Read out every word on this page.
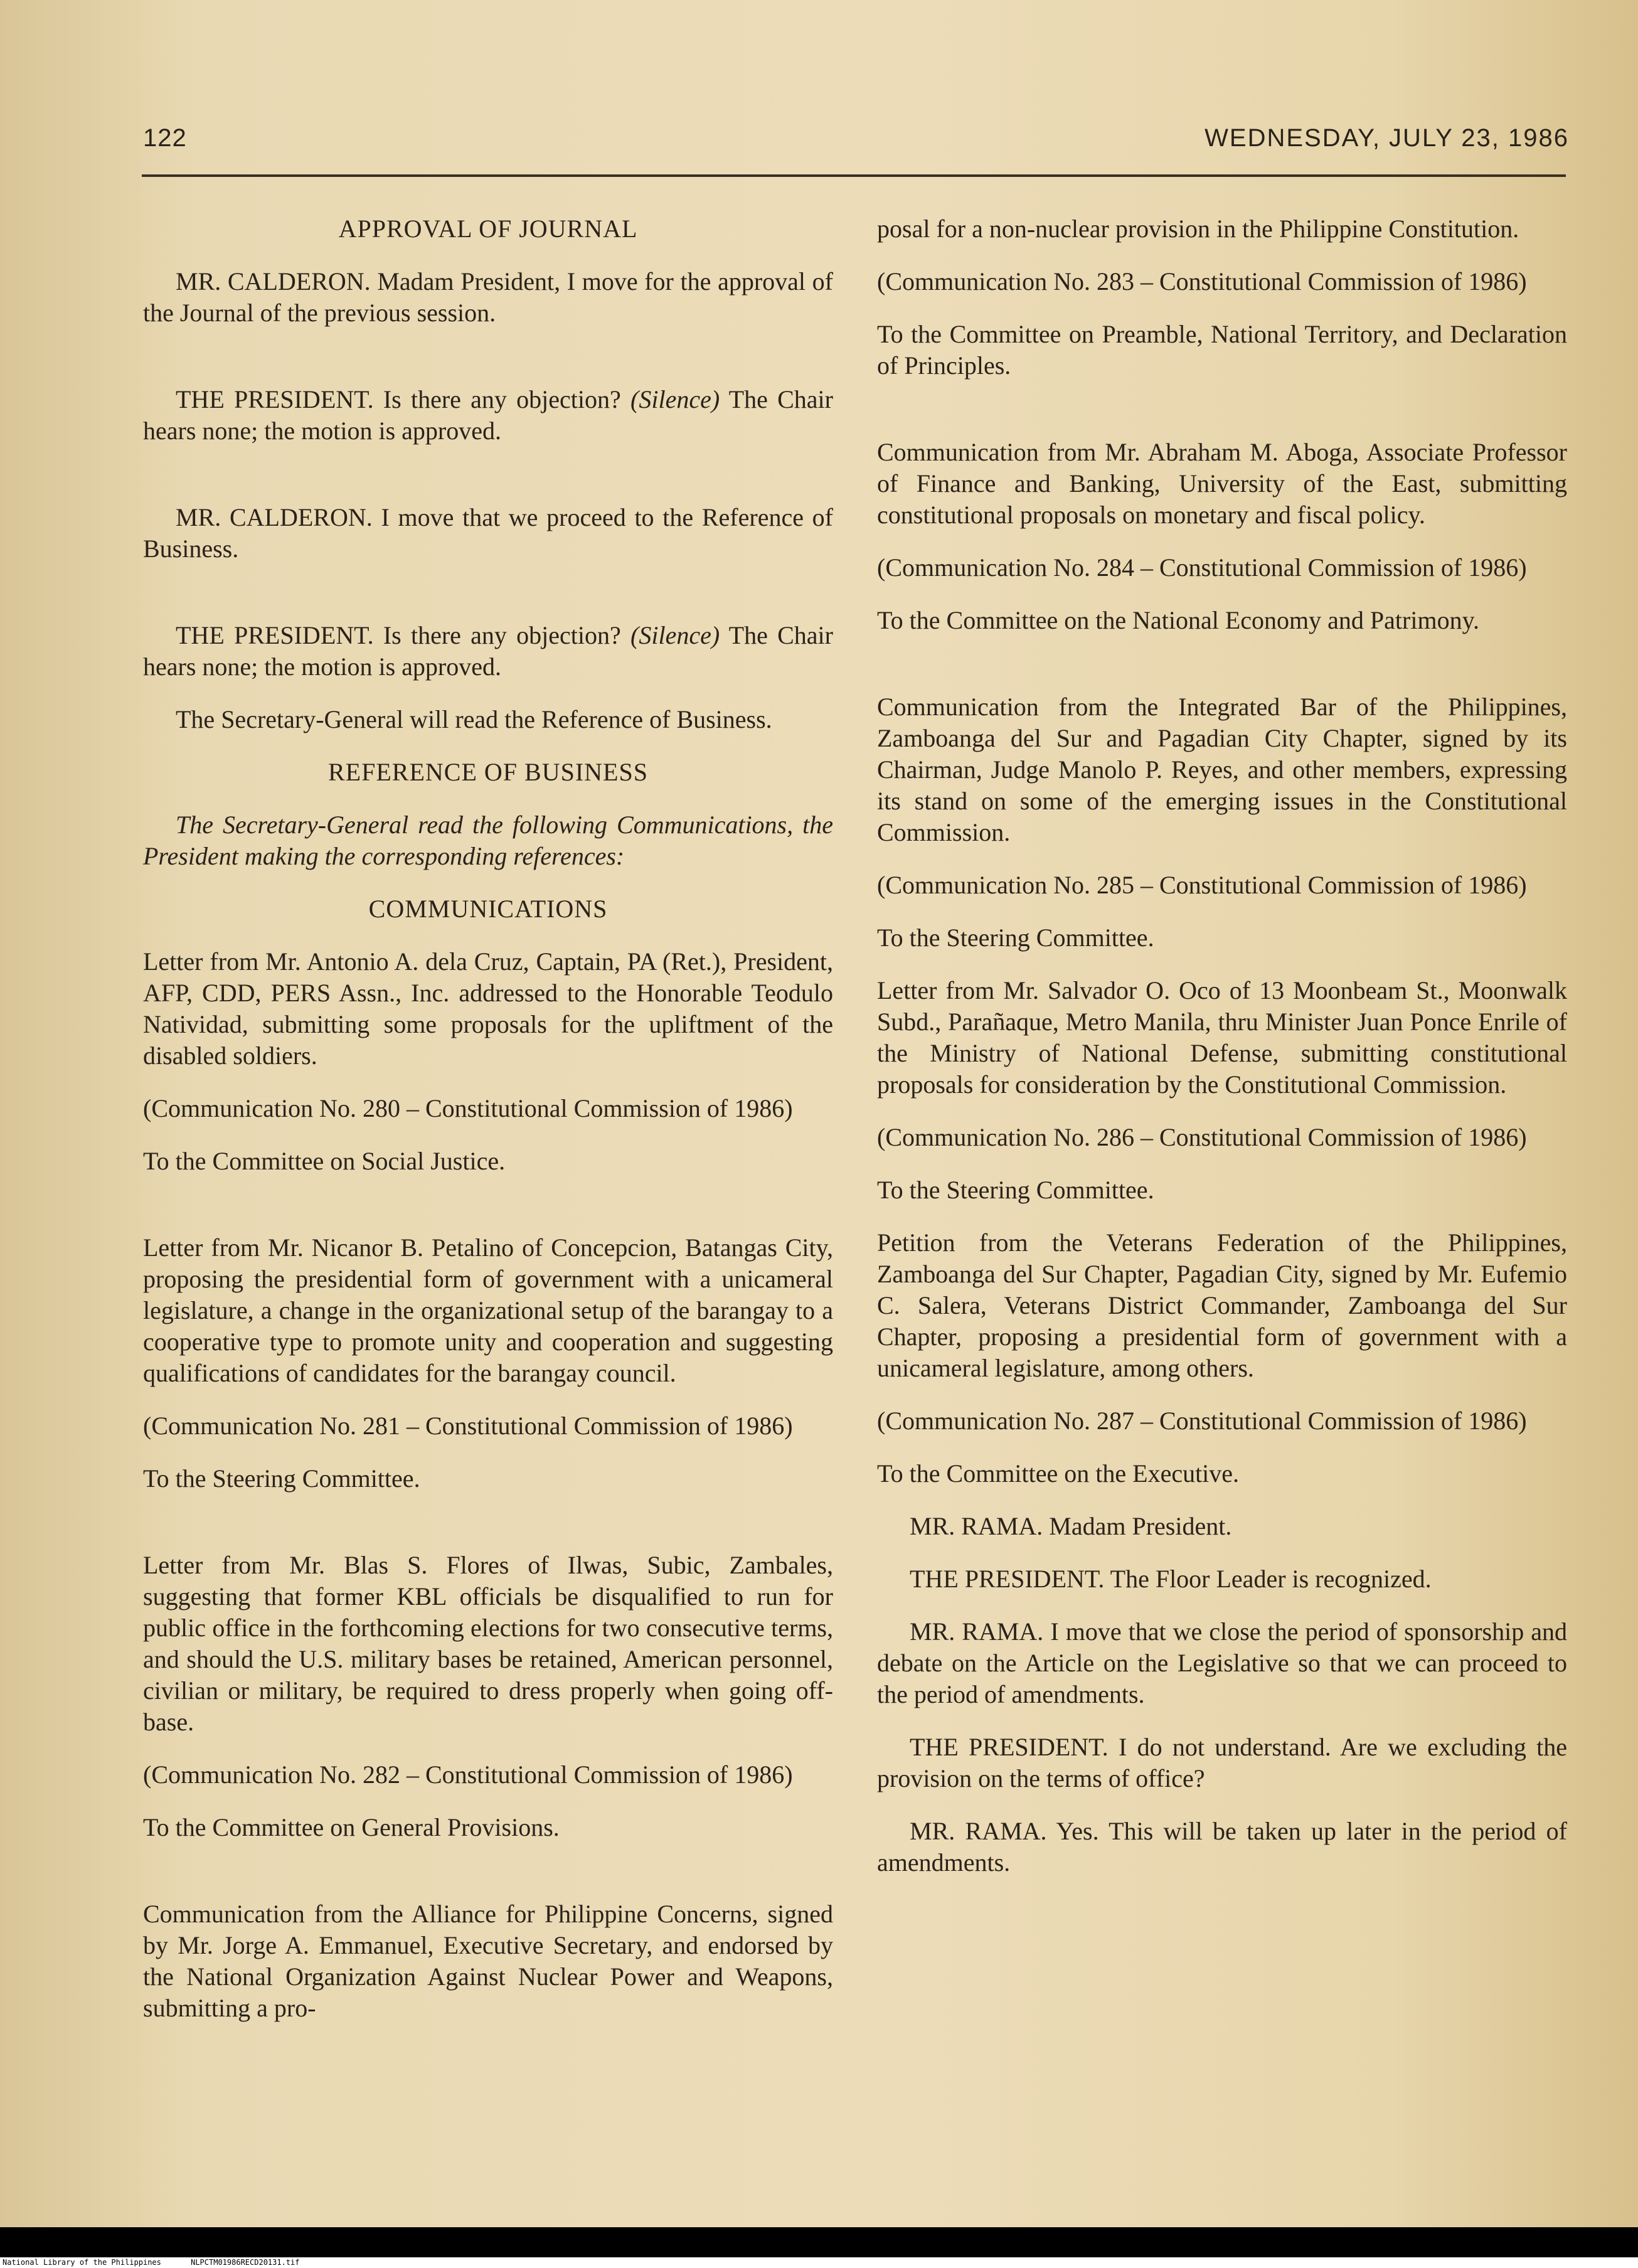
122	WEDNESDAY, JULY 23, 1986

APPROVAL OF JOURNAL

MR. CALDERON. Madam President, I move for the approval of the Journal of the previous session.

THE PRESIDENT. Is there any objection? (Silence) The Chair hears none; the motion is approved.

MR. CALDERON. I move that we proceed to the Reference of Business.

THE PRESIDENT. Is there any objection? (Silence) The Chair hears none; the motion is approved.

The Secretary-General will read the Reference of Business.

REFERENCE OF BUSINESS

The Secretary-General read the following Communications, the President making the corresponding references:

COMMUNICATIONS

Letter from Mr. Antonio A. dela Cruz, Captain, PA (Ret.), President, AFP, CDD, PERS Assn., Inc. addressed to the Honorable Teodulo Natividad, submitting some proposals for the upliftment of the disabled soldiers.

(Communication No. 280 – Constitutional Commission of 1986)

To the Committee on Social Justice.

Letter from Mr. Nicanor B. Petalino of Concepcion, Batangas City, proposing the presidential form of government with a unicameral legislature, a change in the organizational setup of the barangay to a cooperative type to promote unity and cooperation and suggesting qualifications of candidates for the barangay council.

(Communication No. 281 – Constitutional Commission of 1986)

To the Steering Committee.

Letter from Mr. Blas S. Flores of Ilwas, Subic, Zambales, suggesting that former KBL officials be disqualified to run for public office in the forthcoming elections for two consecutive terms, and should the U.S. military bases be retained, American personnel, civilian or military, be required to dress properly when going off-base.

(Communication No. 282 – Constitutional Commission of 1986)

To the Committee on General Provisions.

Communication from the Alliance for Philippine Concerns, signed by Mr. Jorge A. Emmanuel, Executive Secretary, and endorsed by the National Organization Against Nuclear Power and Weapons, submitting a pro-

posal for a non-nuclear provision in the Philippine Constitution.

(Communication No. 283 – Constitutional Commission of 1986)

To the Committee on Preamble, National Territory, and Declaration of Principles.

Communication from Mr. Abraham M. Aboga, Associate Professor of Finance and Banking, University of the East, submitting constitutional proposals on monetary and fiscal policy.

(Communication No. 284 – Constitutional Commission of 1986)

To the Committee on the National Economy and Patrimony.

Communication from the Integrated Bar of the Philippines, Zamboanga del Sur and Pagadian City Chapter, signed by its Chairman, Judge Manolo P. Reyes, and other members, expressing its stand on some of the emerging issues in the Constitutional Commission.

(Communication No. 285 – Constitutional Commission of 1986)

To the Steering Committee.

Letter from Mr. Salvador O. Oco of 13 Moonbeam St., Moonwalk Subd., Parañaque, Metro Manila, thru Minister Juan Ponce Enrile of the Ministry of National Defense, submitting constitutional proposals for consideration by the Constitutional Commission.

(Communication No. 286 – Constitutional Commission of 1986)

To the Steering Committee.

Petition from the Veterans Federation of the Philippines, Zamboanga del Sur Chapter, Pagadian City, signed by Mr. Eufemio C. Salera, Veterans District Commander, Zamboanga del Sur Chapter, proposing a presidential form of government with a unicameral legislature, among others.

(Communication No. 287 – Constitutional Commission of 1986)

To the Committee on the Executive.

MR. RAMA. Madam President.

THE PRESIDENT. The Floor Leader is recognized.

MR. RAMA. I move that we close the period of sponsorship and debate on the Article on the Legislative so that we can proceed to the period of amendments.

THE PRESIDENT. I do not understand. Are we excluding the provision on the terms of office?

MR. RAMA. Yes. This will be taken up later in the period of amendments.

National Library of the Philippines	NLPCTM01986RECD20131.tif
